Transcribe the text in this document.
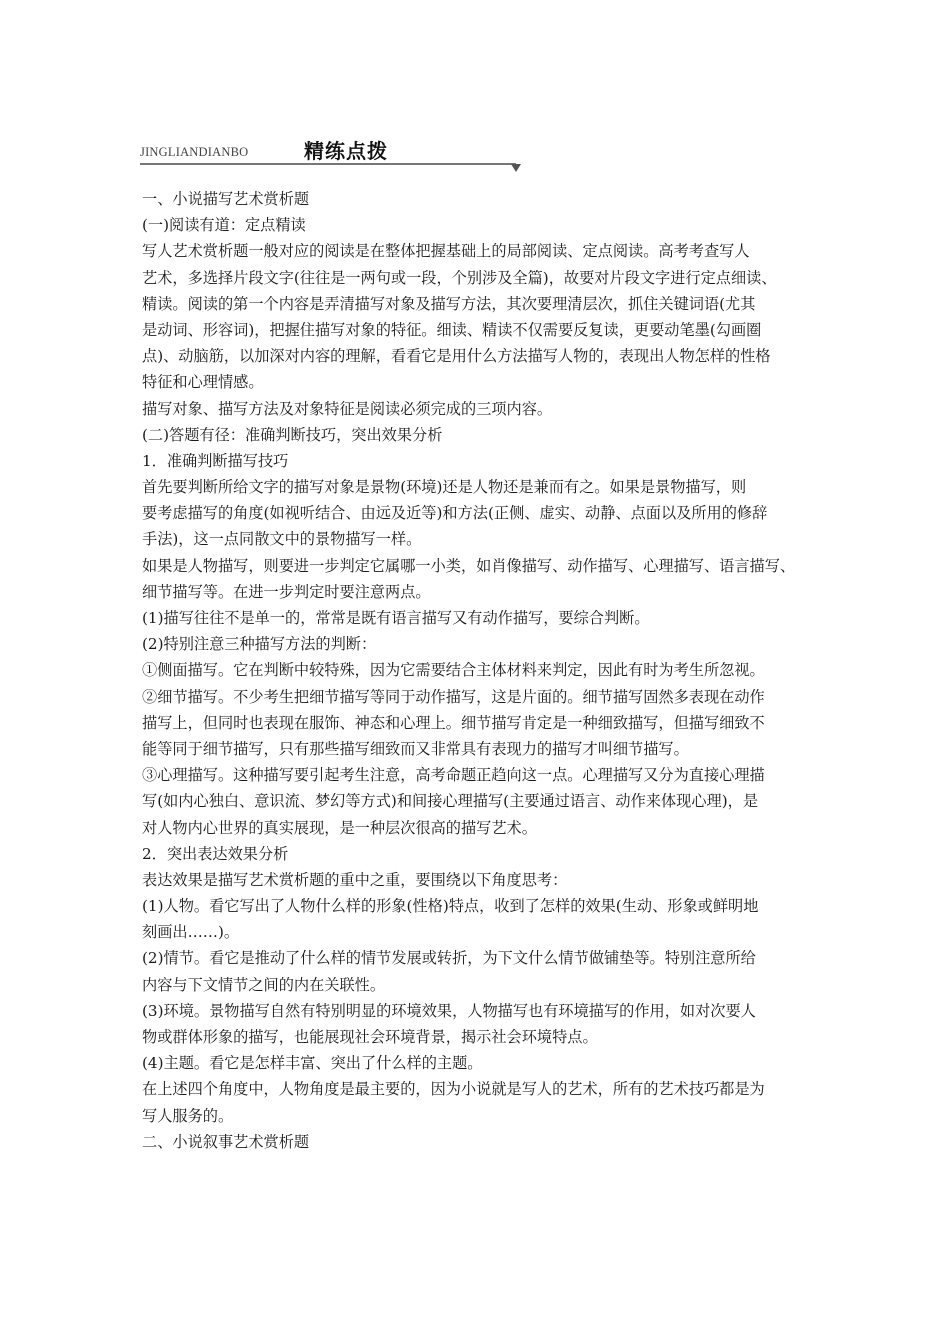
JINGLIANDIANBO	精练点拨
一、小说描写艺术赏析题
(一)阅读有道：定点精读
写人艺术赏析题一般对应的阅读是在整体把握基础上的局部阅读、定点阅读。高考考查写人
艺术，多选择片段文字(往往是一两句或一段，个别涉及全篇)，故要对片段文字进行定点细读、
精读。阅读的第一个内容是弄清描写对象及描写方法，其次要理清层次，抓住关键词语(尤其
是动词、形容词)，把握住描写对象的特征。细读、精读不仅需要反复读，更要动笔墨(勾画圈
点)、动脑筋，以加深对内容的理解，看看它是用什么方法描写人物的，表现出人物怎样的性格
特征和心理情感。
描写对象、描写方法及对象特征是阅读必须完成的三项内容。
(二)答题有径：准确判断技巧，突出效果分析
1．准确判断描写技巧
首先要判断所给文字的描写对象是景物(环境)还是人物还是兼而有之。如果是景物描写，则
要考虑描写的角度(如视听结合、由远及近等)和方法(正侧、虚实、动静、点面以及所用的修辞
手法)，这一点同散文中的景物描写一样。
如果是人物描写，则要进一步判定它属哪一小类，如肖像描写、动作描写、心理描写、语言描写、
细节描写等。在进一步判定时要注意两点。
(1)描写往往不是单一的，常常是既有语言描写又有动作描写，要综合判断。
(2)特别注意三种描写方法的判断：
①侧面描写。它在判断中较特殊，因为它需要结合主体材料来判定，因此有时为考生所忽视。
②细节描写。不少考生把细节描写等同于动作描写，这是片面的。细节描写固然多表现在动作
描写上，但同时也表现在服饰、神态和心理上。细节描写肯定是一种细致描写，但描写细致不
能等同于细节描写，只有那些描写细致而又非常具有表现力的描写才叫细节描写。
③心理描写。这种描写要引起考生注意，高考命题正趋向这一点。心理描写又分为直接心理描
写(如内心独白、意识流、梦幻等方式)和间接心理描写(主要通过语言、动作来体现心理)，是
对人物内心世界的真实展现，是一种层次很高的描写艺术。
2．突出表达效果分析
表达效果是描写艺术赏析题的重中之重，要围绕以下角度思考：
(1)人物。看它写出了人物什么样的形象(性格)特点，收到了怎样的效果(生动、形象或鲜明地
刻画出……)。
(2)情节。看它是推动了什么样的情节发展或转折，为下文什么情节做铺垫等。特别注意所给
内容与下文情节之间的内在关联性。
(3)环境。景物描写自然有特别明显的环境效果，人物描写也有环境描写的作用，如对次要人
物或群体形象的描写，也能展现社会环境背景，揭示社会环境特点。
(4)主题。看它是怎样丰富、突出了什么样的主题。
在上述四个角度中，人物角度是最主要的，因为小说就是写人的艺术，所有的艺术技巧都是为
写人服务的。
二、小说叙事艺术赏析题
